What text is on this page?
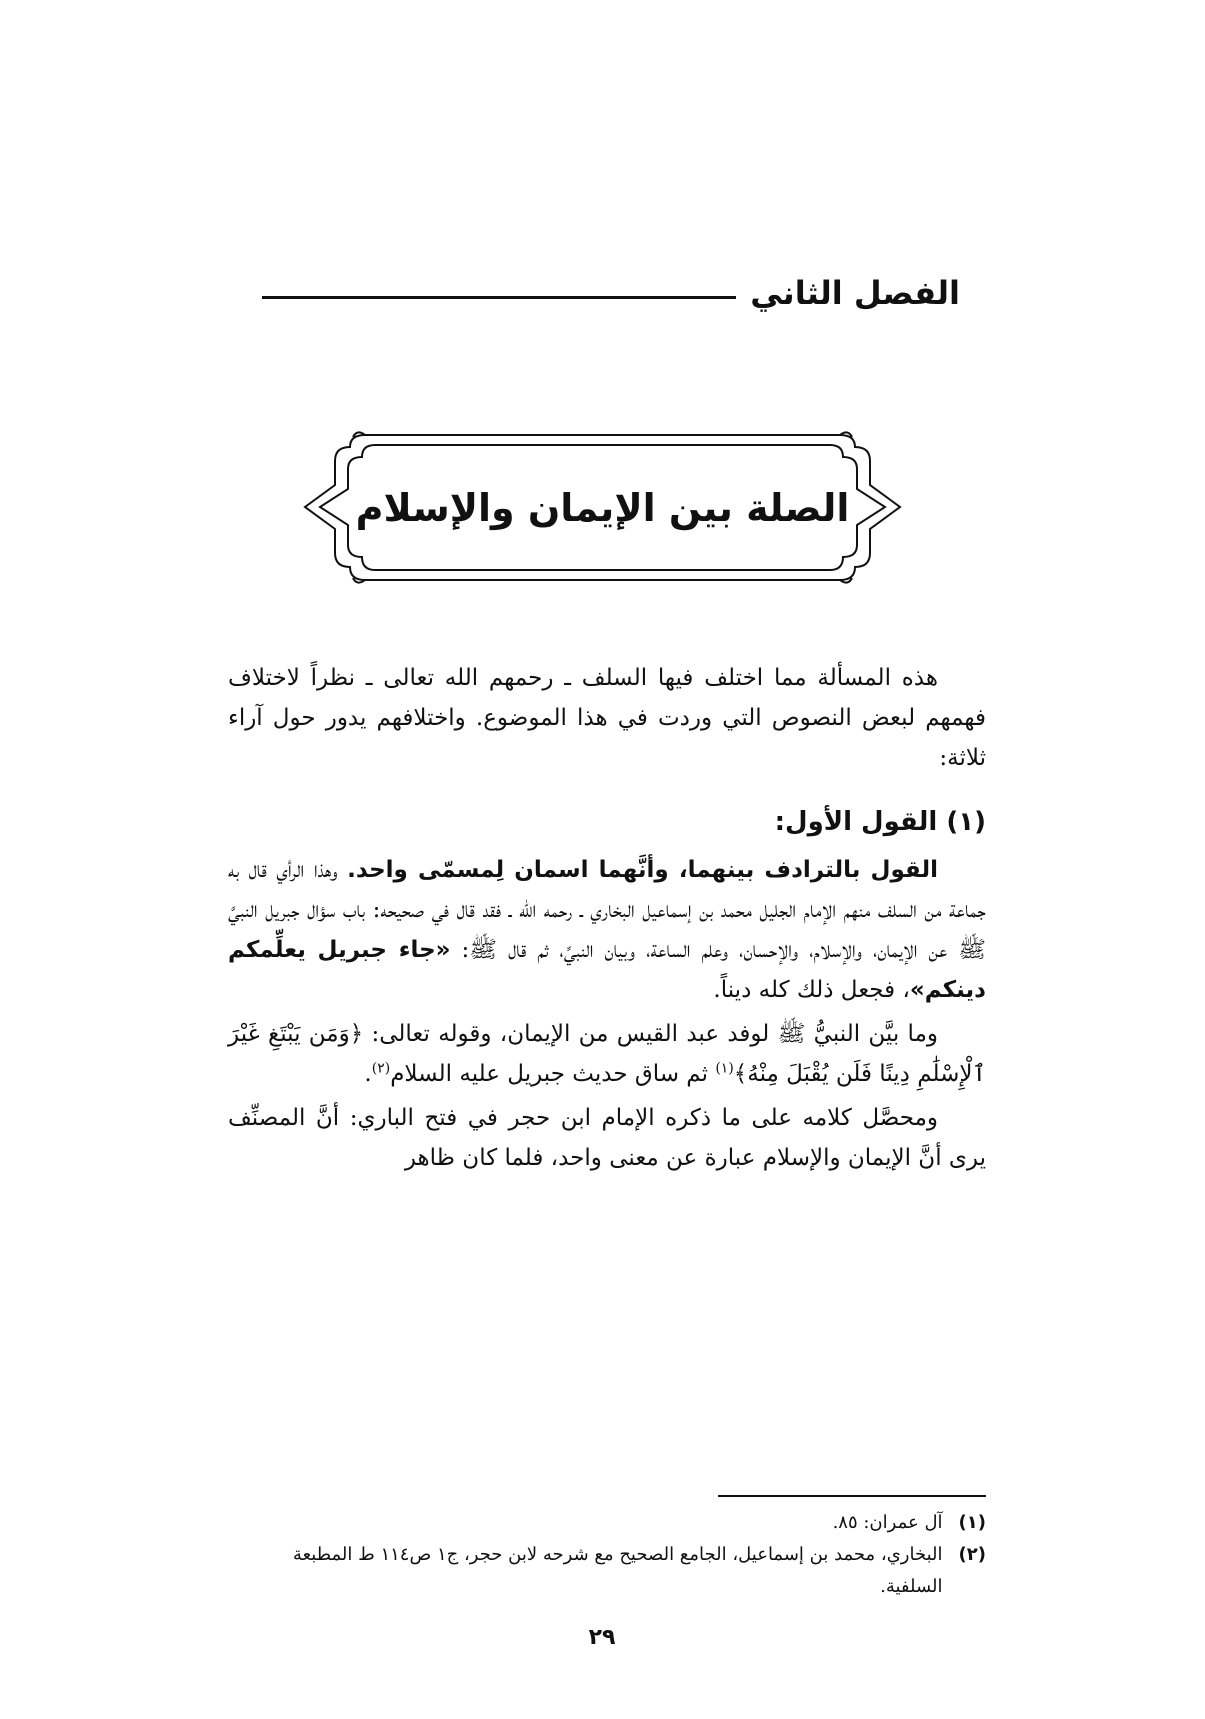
الفصل الثاني
الصلة بين الإيمان والإسلام

هذه المسألة مما اختلف فيها السلف ـ رحمهم الله تعالى ـ نظراً لاختلاف فهمهم لبعض النصوص التي وردت في هذا الموضوع. واختلافهم يدور حول آراء ثلاثة:

(١) القول الأول:

القول بالترادف بينهما، وأنَّهما اسمان لِمسمّى واحد. وهذا الرأي قال به جماعة من السلف منهم الإمام الجليل محمد بن إسماعيل البخاري ـ رحمه الله ـ فقد قال في صحيحه: باب سؤال جبريل النبيَّ ﷺ عن الإيمان، والإسلام، والإحسان، وعلم الساعة، وبيان النبيِّ، ثم قال ﷺ: «جاء جبريل يعلِّمكم دينكم»، فجعل ذلك كله ديناً.

وما بيَّن النبيُّ ﷺ لوفد عبد القيس من الإيمان، وقوله تعالى: ﴿وَمَن يَبْتَغِ غَيْرَ ٱلْإِسْلَٰمِ دِينًا فَلَن يُقْبَلَ مِنْهُ﴾$^{(١)}$ ثم ساق حديث جبريل عليه السلام$^{(٢)}$.

ومحصَّل كلامه على ما ذكره الإمام ابن حجر في فتح الباري: أنَّ المصنِّف يرى أنَّ الإيمان والإسلام عبارة عن معنى واحد، فلما كان ظاهر

(١)
آل عمران: ٨٥.
(٢)
البخاري، محمد بن إسماعيل، الجامع الصحيح مع شرحه لابن حجر، ج١ ص١١٤ ط المطبعة السلفية.
٢٩
